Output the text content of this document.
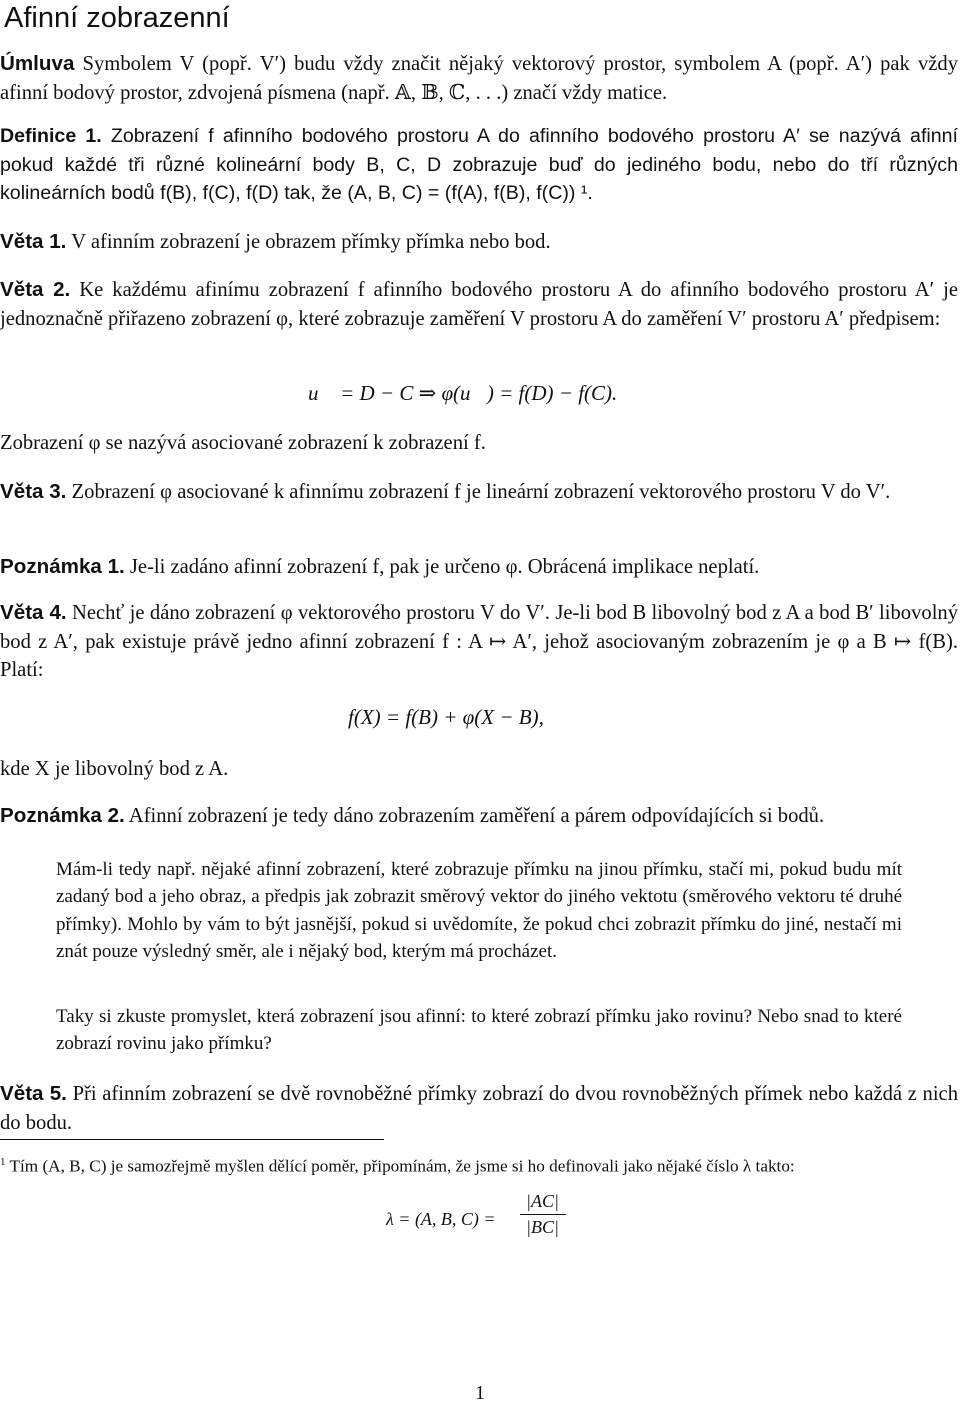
Afinní zobrazenní

Úmluva Symbolem V (popř. V′) budu vždy značit nějaký vektorový prostor, symbolem A (popř. A′) pak vždy afinní bodový prostor, zdvojená písmena (např. 𝔸, 𝔹, ℂ, . . .) značí vždy matice.

Definice 1. Zobrazení f afinního bodového prostoru A do afinního bodového prostoru A′ se nazývá afinní pokud každé tři různé kolineární body B, C, D zobrazuje buď do jediného bodu, nebo do tří různých kolineárních bodů f(B), f(C), f(D) tak, že (A, B, C) = (f(A), f(B), f(C)) ¹.

Věta 1. V afinním zobrazení je obrazem přímky přímka nebo bod.

Věta 2. Ke každému afinímu zobrazení f afinního bodového prostoru A do afinního bodového prostoru A′ je jednoznačně přiřazeno zobrazení φ, které zobrazuje zaměření V prostoru A do zaměření V′ prostoru A′ předpisem:

u⃗ = D − C ⇒ φ(u⃗) = f(D) − f(C).

Zobrazení φ se nazývá asociované zobrazení k zobrazení f.

Věta 3. Zobrazení φ asociované k afinnímu zobrazení f je lineární zobrazení vektorového prostoru V do V′.

Poznámka 1. Je-li zadáno afinní zobrazení f, pak je určeno φ. Obrácená implikace neplatí.

Věta 4. Nechť je dáno zobrazení φ vektorového prostoru V do V′. Je-li bod B libovolný bod z A a bod B′ libovolný bod z A′, pak existuje právě jedno afinní zobrazení f : A ↦ A′, jehož asociovaným zobrazením je φ a B ↦ f(B). Platí:

f(X) = f(B) + φ(X − B),

kde X je libovolný bod z A.

Poznámka 2. Afinní zobrazení je tedy dáno zobrazením zaměření a párem odpovídajících si bodů.

Mám-li tedy např. nějaké afinní zobrazení, které zobrazuje přímku na jinou přímku, stačí mi, pokud budu mít zadaný bod a jeho obraz, a předpis jak zobrazit směrový vektor do jiného vektotu (směrového vektoru té druhé přímky). Mohlo by vám to být jasnější, pokud si uvědomíte, že pokud chci zobrazit přímku do jiné, nestačí mi znát pouze výsledný směr, ale i nějaký bod, kterým má procházet.

Taky si zkuste promyslet, která zobrazení jsou afinní: to které zobrazí přímku jako rovinu? Nebo snad to které zobrazí rovinu jako přímku?

Věta 5. Při afinním zobrazení se dvě rovnoběžné přímky zobrazí do dvou rovnoběžných přímek nebo každá z nich do bodu.

$^1$ Tím (A, B, C) je samozřejmě myšlen dělící poměr, připomínám, že jsme si ho definovali jako nějaké číslo λ takto:

λ = (A, B, C) =
|AC|
|BC|
1
